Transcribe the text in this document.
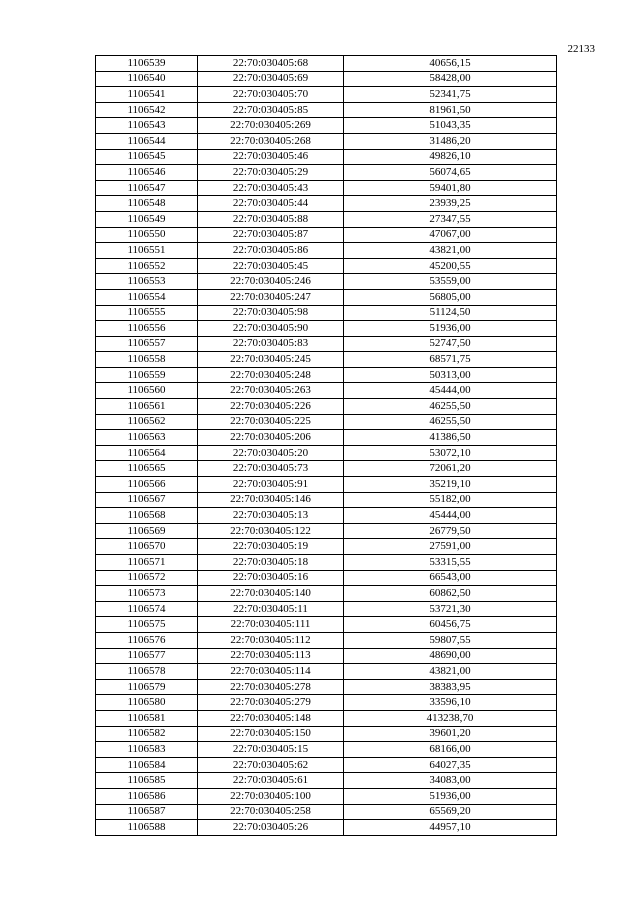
22133
1106539	22:70:030405:68	40656,15
1106540	22:70:030405:69	58428,00
1106541	22:70:030405:70	52341,75
1106542	22:70:030405:85	81961,50
1106543	22:70:030405:269	51043,35
1106544	22:70:030405:268	31486,20
1106545	22:70:030405:46	49826,10
1106546	22:70:030405:29	56074,65
1106547	22:70:030405:43	59401,80
1106548	22:70:030405:44	23939,25
1106549	22:70:030405:88	27347,55
1106550	22:70:030405:87	47067,00
1106551	22:70:030405:86	43821,00
1106552	22:70:030405:45	45200,55
1106553	22:70:030405:246	53559,00
1106554	22:70:030405:247	56805,00
1106555	22:70:030405:98	51124,50
1106556	22:70:030405:90	51936,00
1106557	22:70:030405:83	52747,50
1106558	22:70:030405:245	68571,75
1106559	22:70:030405:248	50313,00
1106560	22:70:030405:263	45444,00
1106561	22:70:030405:226	46255,50
1106562	22:70:030405:225	46255,50
1106563	22:70:030405:206	41386,50
1106564	22:70:030405:20	53072,10
1106565	22:70:030405:73	72061,20
1106566	22:70:030405:91	35219,10
1106567	22:70:030405:146	55182,00
1106568	22:70:030405:13	45444,00
1106569	22:70:030405:122	26779,50
1106570	22:70:030405:19	27591,00
1106571	22:70:030405:18	53315,55
1106572	22:70:030405:16	66543,00
1106573	22:70:030405:140	60862,50
1106574	22:70:030405:11	53721,30
1106575	22:70:030405:111	60456,75
1106576	22:70:030405:112	59807,55
1106577	22:70:030405:113	48690,00
1106578	22:70:030405:114	43821,00
1106579	22:70:030405:278	38383,95
1106580	22:70:030405:279	33596,10
1106581	22:70:030405:148	413238,70
1106582	22:70:030405:150	39601,20
1106583	22:70:030405:15	68166,00
1106584	22:70:030405:62	64027,35
1106585	22:70:030405:61	34083,00
1106586	22:70:030405:100	51936,00
1106587	22:70:030405:258	65569,20
1106588	22:70:030405:26	44957,10
